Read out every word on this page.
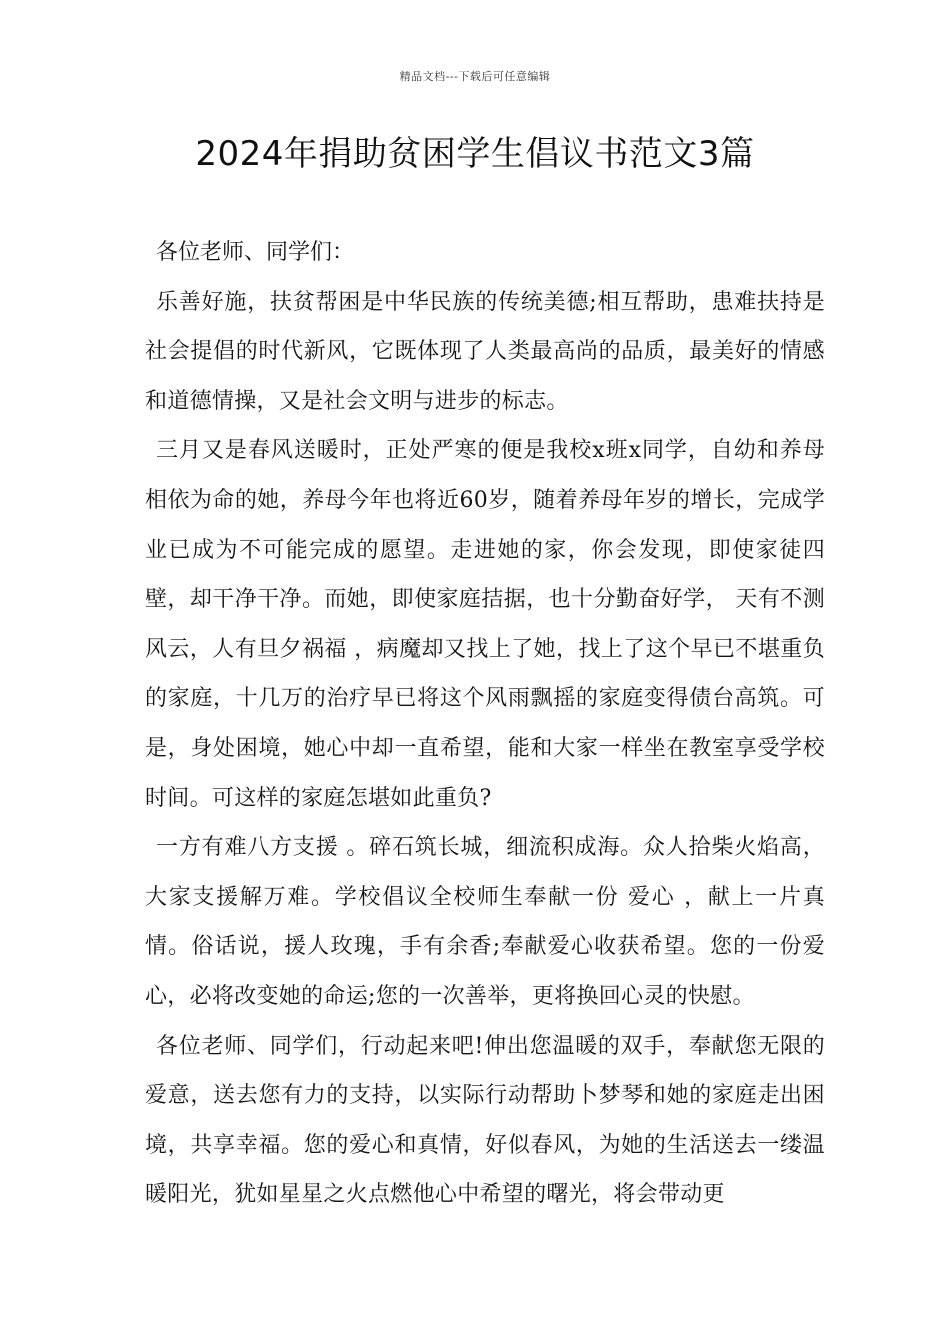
精品文档---下载后可任意编辑
2024年捐助贫困学生倡议书范文3篇

各位老师、同学们：

乐善好施，扶贫帮困是中华民族的传统美德;相互帮助，患难扶持是社会提倡的时代新风，它既体现了人类最高尚的品质，最美好的情感和道德情操，又是社会文明与进步的标志。

三月又是春风送暖时，正处严寒的便是我校x班x同学，自幼和养母相依为命的她，养母今年也将近60岁，随着养母年岁的增长，完成学业已成为不可能完成的愿望。走进她的家，你会发现，即使家徒四壁，却干净干净。而她，即使家庭拮据，也十分勤奋好学， 天有不测风云，人有旦夕祸福 ，病魔却又找上了她，找上了这个早已不堪重负的家庭，十几万的治疗早已将这个风雨飘摇的家庭变得债台高筑。可是，身处困境，她心中却一直希望，能和大家一样坐在教室享受学校时间。可这样的家庭怎堪如此重负?

一方有难八方支援 。碎石筑长城，细流积成海。众人拾柴火焰高，大家支援解万难。学校倡议全校师生奉献一份 爱心 ，献上一片真情。俗话说，援人玫瑰，手有余香;奉献爱心收获希望。您的一份爱心，必将改变她的命运;您的一次善举，更将换回心灵的快慰。

各位老师、同学们，行动起来吧!伸出您温暖的双手，奉献您无限的爱意，送去您有力的支持，以实际行动帮助卜梦琴和她的家庭走出困境，共享幸福。您的爱心和真情，好似春风，为她的生活送去一缕温暖阳光，犹如星星之火点燃他心中希望的曙光，将会带动更
